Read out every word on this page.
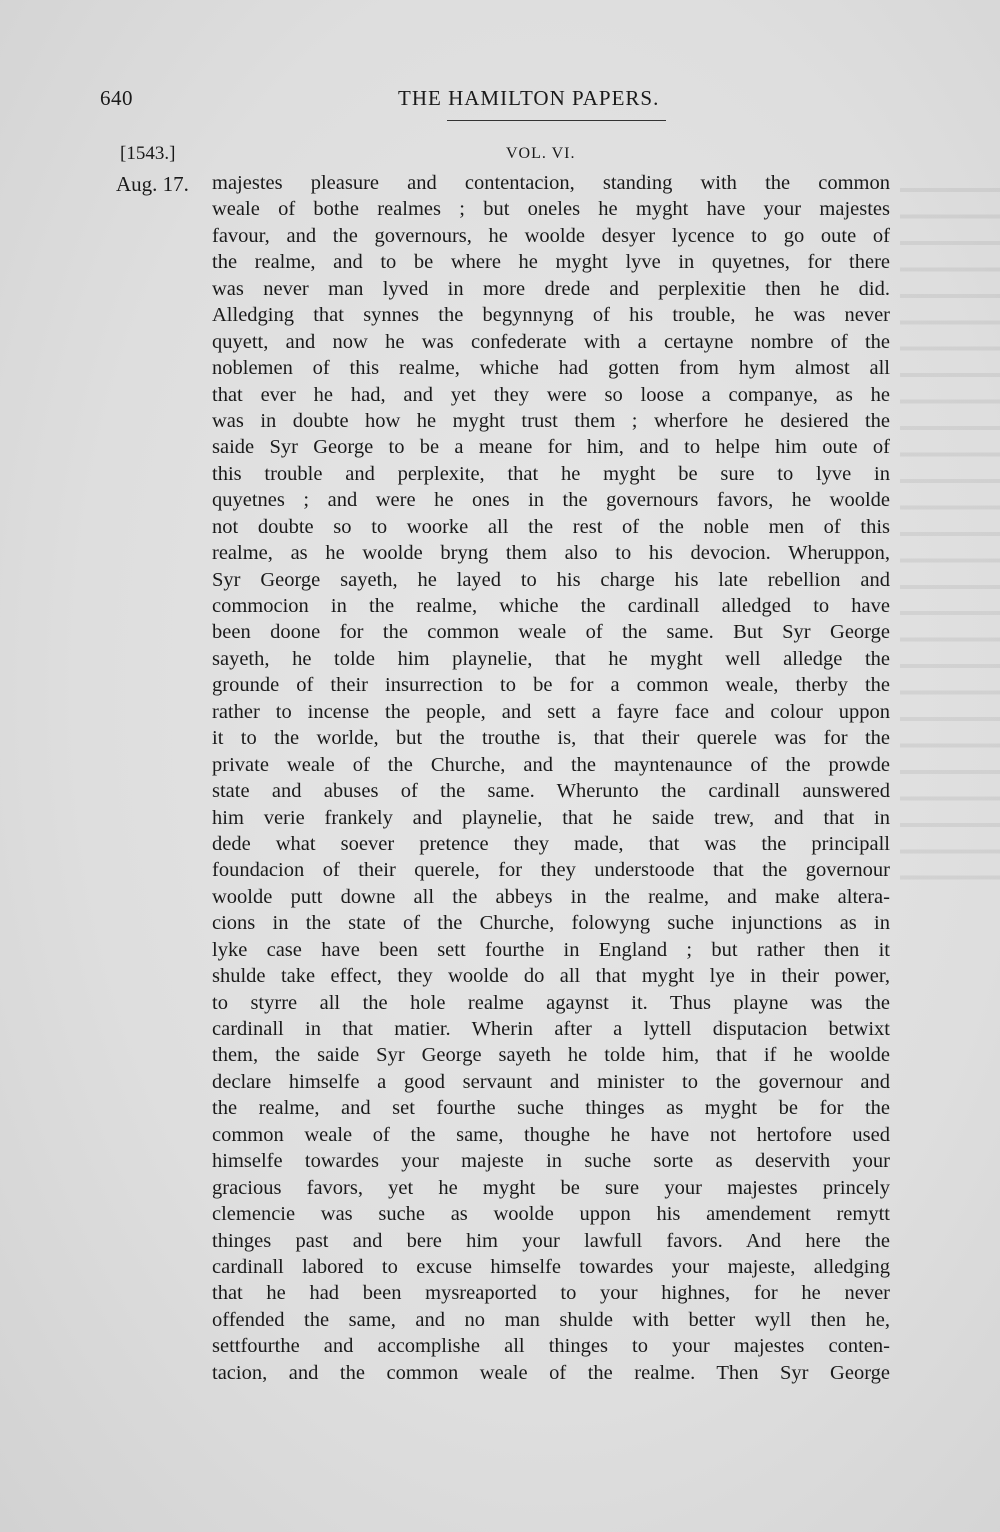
640	THE HAMILTON PAPERS.
[1543.]	VOL. VI.
Aug. 17. majestes pleasure and contentacion, standing with the common
weale of bothe realmes ; but oneles he myght have your majestes
favour, and the governours, he woolde desyer lycence to go oute of
the realme, and to be where he myght lyve in quyetnes, for there
was never man lyved in more drede and perplexitie then he did.
Alledging that synnes the begynnyng of his trouble, he was never
quyett, and now he was confederate with a certayne nombre of the
noblemen of this realme, whiche had gotten from hym almost all
that ever he had, and yet they were so loose a companye, as he
was in doubte how he myght trust them ; wherfore he desiered the
saide Syr George to be a meane for him, and to helpe him oute of
this trouble and perplexite, that he myght be sure to lyve in
quyetnes ; and were he ones in the governours favors, he woolde
not doubte so to woorke all the rest of the noble men of this
realme, as he woolde bryng them also to his devocion. Wheruppon,
Syr George sayeth, he layed to his charge his late rebellion and
commocion in the realme, whiche the cardinall alledged to have
been doone for the common weale of the same. But Syr George
sayeth, he tolde him playnelie, that he myght well alledge the
grounde of their insurrection to be for a common weale, therby the
rather to incense the people, and sett a fayre face and colour uppon
it to the worlde, but the trouthe is, that their querele was for the
private weale of the Churche, and the mayntenaunce of the prowde
state and abuses of the same. Wherunto the cardinall aunswered
him verie frankely and playnelie, that he saide trew, and that in
dede what soever pretence they made, that was the principall
foundacion of their querele, for they understoode that the governour
woolde putt downe all the abbeys in the realme, and make altera-
cions in the state of the Churche, folowyng suche injunctions as in
lyke case have been sett fourthe in England ; but rather then it
shulde take effect, they woolde do all that myght lye in their power,
to styrre all the hole realme agaynst it. Thus playne was the
cardinall in that matier. Wherin after a lyttell disputacion betwixt
them, the saide Syr George sayeth he tolde him, that if he woolde
declare himselfe a good servaunt and minister to the governour and
the realme, and set fourthe suche thinges as myght be for the
common weale of the same, thoughe he have not hertofore used
himselfe towardes your majeste in suche sorte as deservith your
gracious favors, yet he myght be sure your majestes princely
clemencie was suche as woolde uppon his amendement remytt
thinges past and bere him your lawfull favors. And here the
cardinall labored to excuse himselfe towardes your majeste, alledging
that he had been mysreaported to your highnes, for he never
offended the same, and no man shulde with better wyll then he,
settfourthe and accomplishe all thinges to your majestes conten-
tacion, and the common weale of the realme. Then Syr George
